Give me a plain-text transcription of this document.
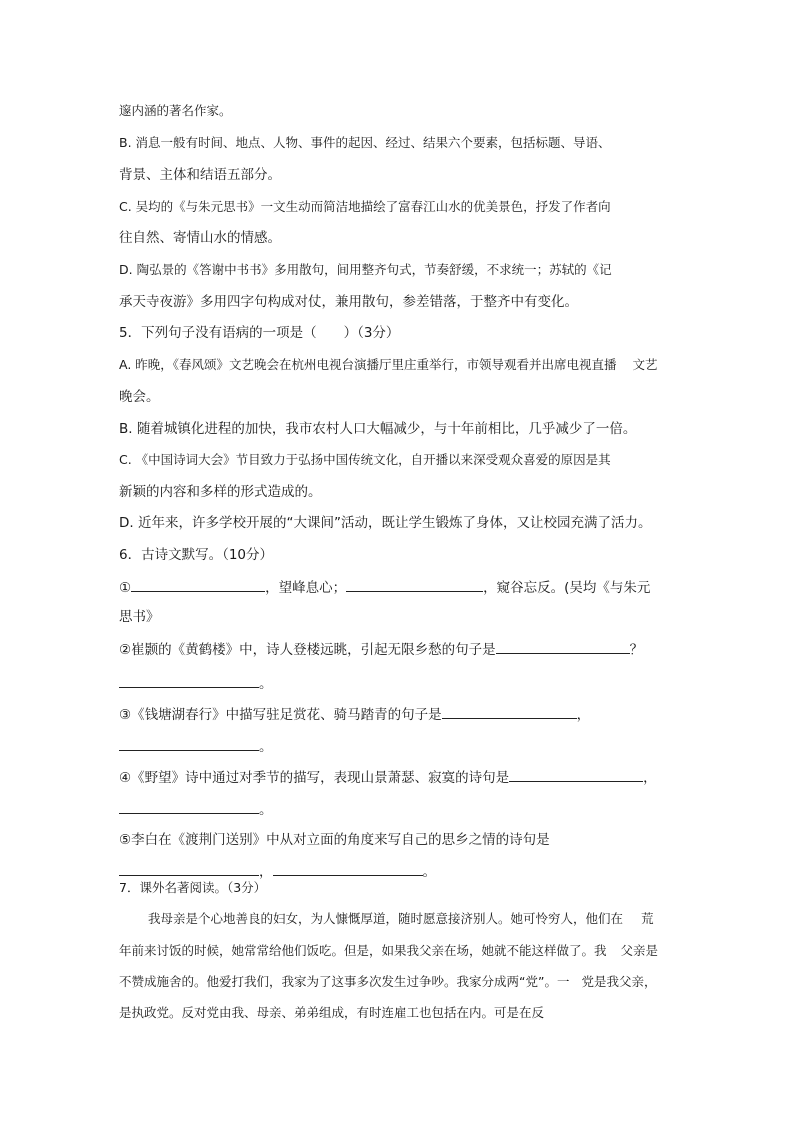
邃内涵的著名作家。
B. 消息一般有时间、地点、人物、事件的起因、经过、结果六个要素，包括标题、导语、
背景、主体和结语五部分。
C. 吴均的《与朱元思书》一文生动而简洁地描绘了富春江山水的优美景色，抒发了作者向
往自然、寄情山水的情感。
D. 陶弘景的《答谢中书书》多用散句，间用整齐句式，节奏舒缓，不求统一；苏轼的《记
承天寺夜游》多用四字句构成对仗，兼用散句，参差错落，于整齐中有变化。
5．下列句子没有语病的一项是（　　）（3分）
A. 昨晚，《春风颂》文艺晚会在杭州电视台演播厅里庄重举行，市领导观看并出席电视直播 文艺
晚会。
B. 随着城镇化进程的加快，我市农村人口大幅减少，与十年前相比，几乎减少了一倍。
C. 《中国诗词大会》节目致力于弘扬中国传统文化，自开播以来深受观众喜爱的原因是其
新颖的内容和多样的形式造成的。
D. 近年来，许多学校开展的“大课间”活动，既让学生锻炼了身体，又让校园充满了活力。
6．古诗文默写。（10分）
①	，望峰息心；	，窥谷忘反。(吴均《与朱元
思书》
②崔颢的《黄鹤楼》中，诗人登楼远眺，引起无限乡愁的句子是	？
。
③《钱塘湖春行》中描写驻足赏花、骑马踏青的句子是	，
。
④《野望》诗中通过对季节的描写，表现山景萧瑟、寂寞的诗句是	，
。
⑤李白在《渡荆门送别》中从对立面的角度来写自己的思乡之情的诗句是
，	。
7．课外名著阅读。（3分）
我母亲是个心地善良的妇女，为人慷慨厚道，随时愿意接济别人。她可怜穷人，他们在 荒
年前来讨饭的时候，她常常给他们饭吃。但是，如果我父亲在场，她就不能这样做了。我 父亲是
不赞成施舍的。他爱打我们，我家为了这事多次发生过争吵。我家分成两“党”。一 党是我父亲，
是执政党。反对党由我、母亲、弟弟组成，有时连雇工也包括在内。可是在反
